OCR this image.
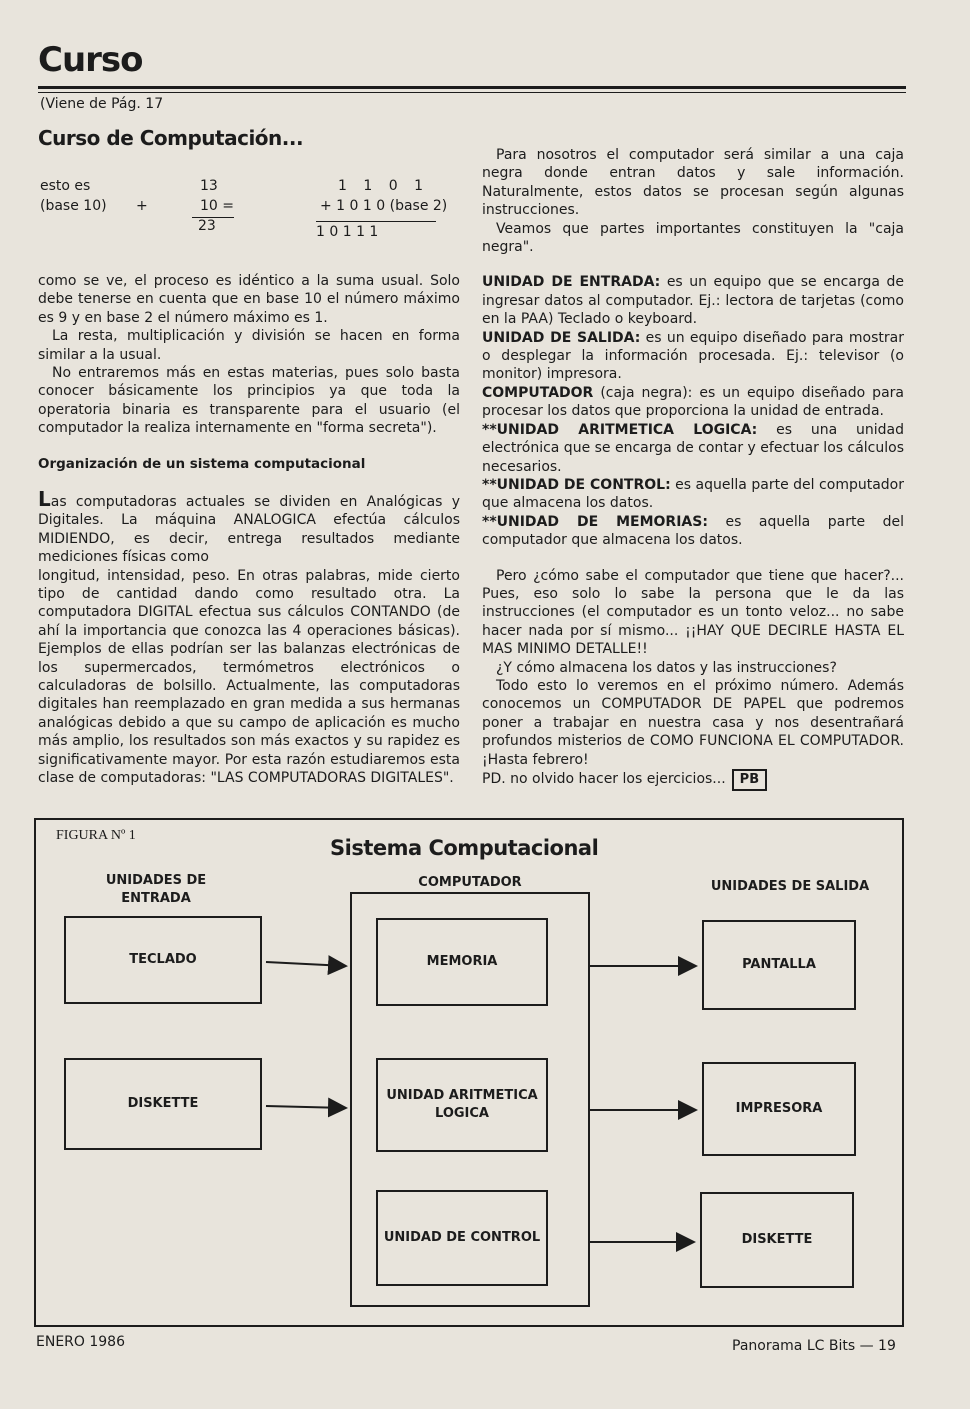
Curso
(Viene de Pág. 17
Curso de Computación...
esto es
(base 10) +
13
10 =
23
1 1 0 1
+ 1 0 1 0 (base 2)
1 0 1 1 1

como se ve, el proceso es idéntico a la suma usual. Solo debe tenerse en cuenta que en base 10 el número máximo es 9 y en base 2 el número máximo es 1.

La resta, multiplicación y división se hacen en forma similar a la usual.

No entraremos más en estas materias, pues solo basta conocer básicamente los principios ya que toda la operatoria binaria es transparente para el usuario (el computador la realiza internamente en "forma secreta").

Organización de un sistema computacional

Las computadoras actuales se dividen en Analógicas y Digitales. La máquina ANALOGICA efectúa cálculos MIDIENDO, es decir, entrega resultados mediante mediciones físicas como

longitud, intensidad, peso. En otras palabras, mide cierto tipo de cantidad dando como resultado otra. La computadora DIGITAL efectua sus cálculos CONTANDO (de ahí la importancia que conozca las 4 operaciones básicas). Ejemplos de ellas podrían ser las balanzas electrónicas de los supermercados, termómetros electrónicos o calculadoras de bolsillo. Actualmente, las computadoras digitales han reemplazado en gran medida a sus hermanas analógicas debido a que su campo de aplicación es mucho más amplio, los resultados son más exactos y su rapidez es significativamente mayor. Por esta razón estudiaremos esta clase de computadoras: "LAS COMPUTADORAS DIGITALES".

Para nosotros el computador será similar a una caja negra donde entran datos y sale información. Naturalmente, estos datos se procesan según algunas instrucciones.

Veamos que partes importantes constituyen la "caja negra".

UNIDAD DE ENTRADA: es un equipo que se encarga de ingresar datos al computador. Ej.: lectora de tarjetas (como en la PAA) Teclado o keyboard.

UNIDAD DE SALIDA: es un equipo diseñado para mostrar o desplegar la información procesada. Ej.: televisor (o monitor) impresora.

COMPUTADOR (caja negra): es un equipo diseñado para procesar los datos que proporciona la unidad de entrada.

**UNIDAD ARITMETICA LOGICA: es una unidad electrónica que se encarga de contar y efectuar los cálculos necesarios.

**UNIDAD DE CONTROL: es aquella parte del computador que almacena los datos.

**UNIDAD DE MEMORIAS: es aquella parte del computador que almacena los datos.

Pero ¿cómo sabe el computador que tiene que hacer?... Pues, eso solo lo sabe la persona que le da las instrucciones (el computador es un tonto veloz... no sabe hacer nada por sí mismo... ¡¡HAY QUE DECIRLE HASTA EL MAS MINIMO DETALLE!!

¿Y cómo almacena los datos y las instrucciones?

Todo esto lo veremos en el próximo número. Además conocemos un COMPUTADOR DE PAPEL que podremos poner a trabajar en nuestra casa y nos desentrañará profundos misterios de COMO FUNCIONA EL COMPUTADOR. ¡Hasta febrero!

PD. no olvido hacer los ejercicios... PB

FIGURA Nº 1
Sistema Computacional
UNIDADES DE ENTRADA
COMPUTADOR	UNIDADES DE SALIDA
TECLADO
DISKETTE
MEMORIA
UNIDAD ARITMETICA LOGICA
UNIDAD DE CONTROL
PANTALLA
IMPRESORA
DISKETTE
ENERO 1986	Panorama LC Bits — 19
